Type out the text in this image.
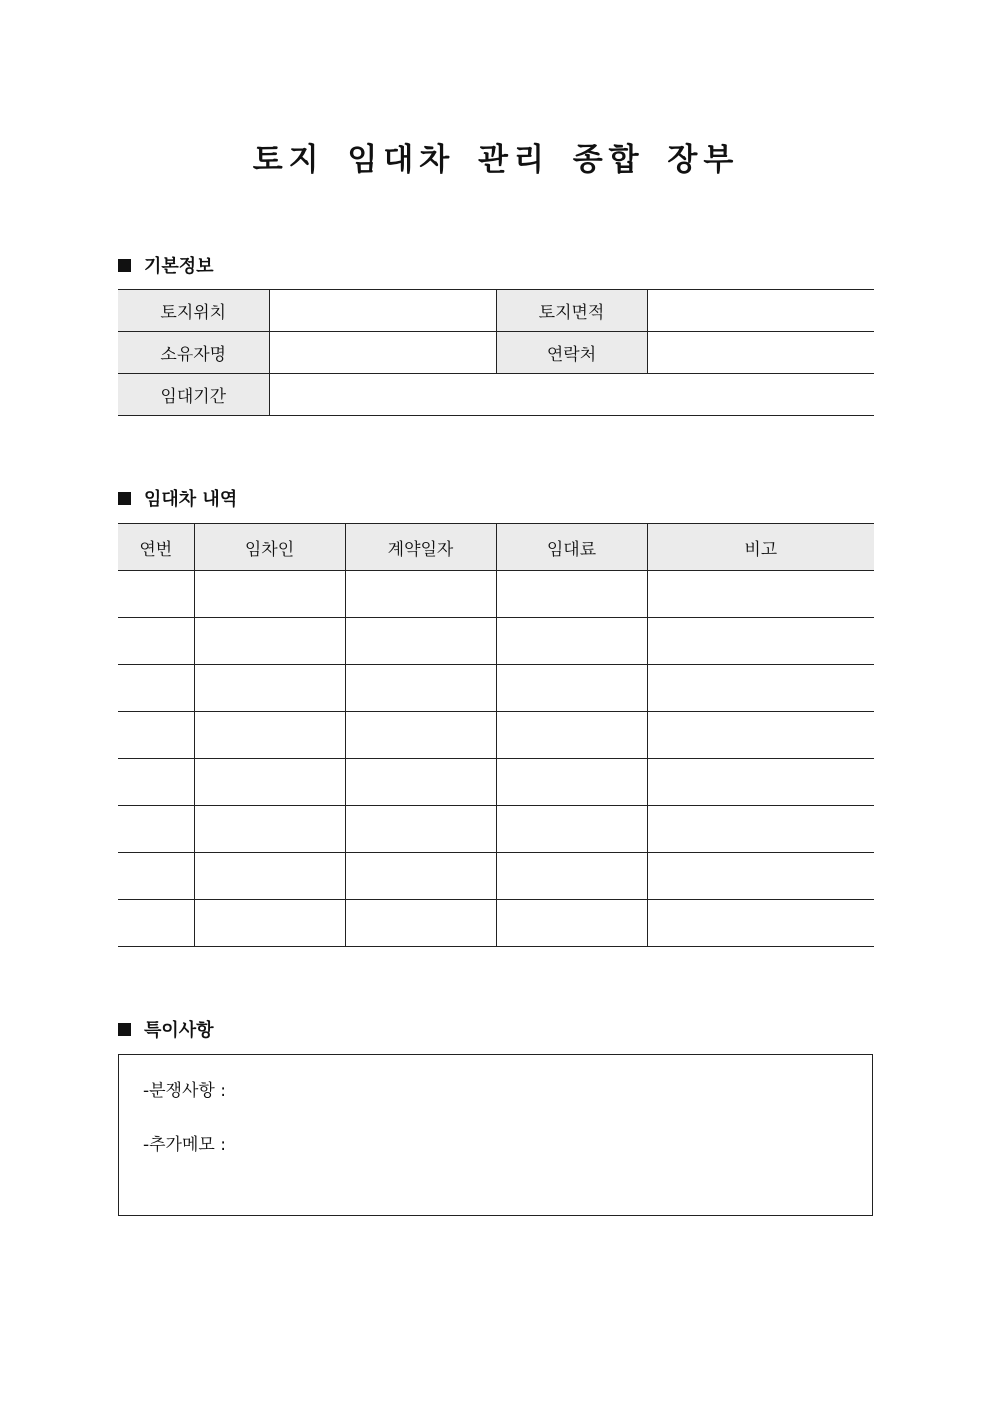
토지 임대차 관리 종합 장부
기본정보
토지위치		토지면적	
소유자명		연락처	
임대기간			
임대차 내역
연번	임차인	계약일자	임대료	비고

특이사항
-분쟁사항 :
-추가메모 :
